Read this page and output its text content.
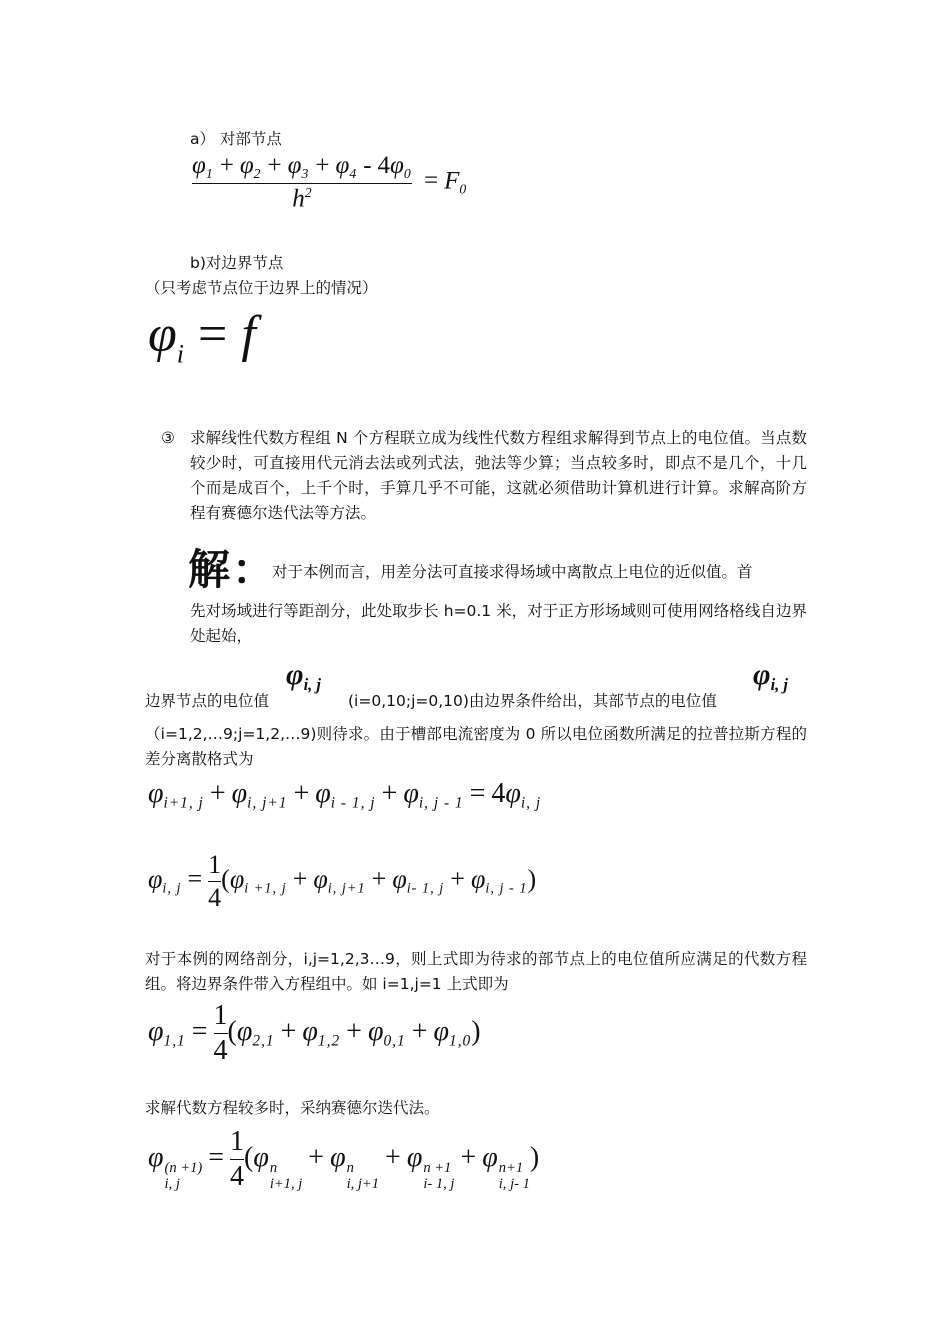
a） 对部节点
$\frac{\varphi_1 + \varphi_2 + \varphi_3 + \varphi_4 - 4\varphi_0}{h^2} = F_0$
b)对边界节点
（只考虑节点位于边界上的情况）
$\varphi_i = f$
③ 求解线性代数方程组 N 个方程联立成为线性代数方程组求解得到节点上的电位值。当点数较少时，可直接用代元消去法或列式法，弛法等少算；当点较多时，即点不是几个，十几个而是成百个，上千个时，手算几乎不可能，这就必须借助计算机进行计算。求解高阶方程有赛德尔迭代法等方法。
解：
对于本例而言，用差分法可直接求得场域中离散点上电位的近似值。首
先对场域进行等距剖分，此处取步长 h=0.1 米，对于正方形场域则可使用网络格线自边界处起始，
边界节点的电位值
φi, j
(i=0,10;j=0,10)由边界条件给出，其部节点的电位值
φi, j
（i=1,2,…9;j=1,2,…9)则待求。由于槽部电流密度为 0 所以电位函数所满足的拉普拉斯方程的差分离散格式为
$\varphi_{i+1, j} + \varphi_{i, j+1} + \varphi_{i - 1, j} + \varphi_{i, j - 1} = 4\varphi_{i, j}$
$\varphi_{i, j} = \frac{1}{4} (\varphi_{i +1, j} + \varphi_{i, j+1} + \varphi_{i- 1, j} + \varphi_{i, j - 1})$
对于本例的网络剖分，i,j=1,2,3…9，则上式即为待求的部节点上的电位值所应满足的代数方程组。将边界条件带入方程组中。如 i=1,j=1 上式即为
$\varphi_{1,1} = \frac{1}{4} (\varphi_{2,1} + \varphi_{1,2} + \varphi_{0,1} + \varphi_{1,0})$
求解代数方程较多时，采纳赛德尔迭代法。
φ (n +1)
i, j
= $\frac{1}{4} (\varphi$ n
i+1, j
+ φ n
i, j+1
+ φ n +1
i- 1, j
+ φ n+1
i, j- 1
)
